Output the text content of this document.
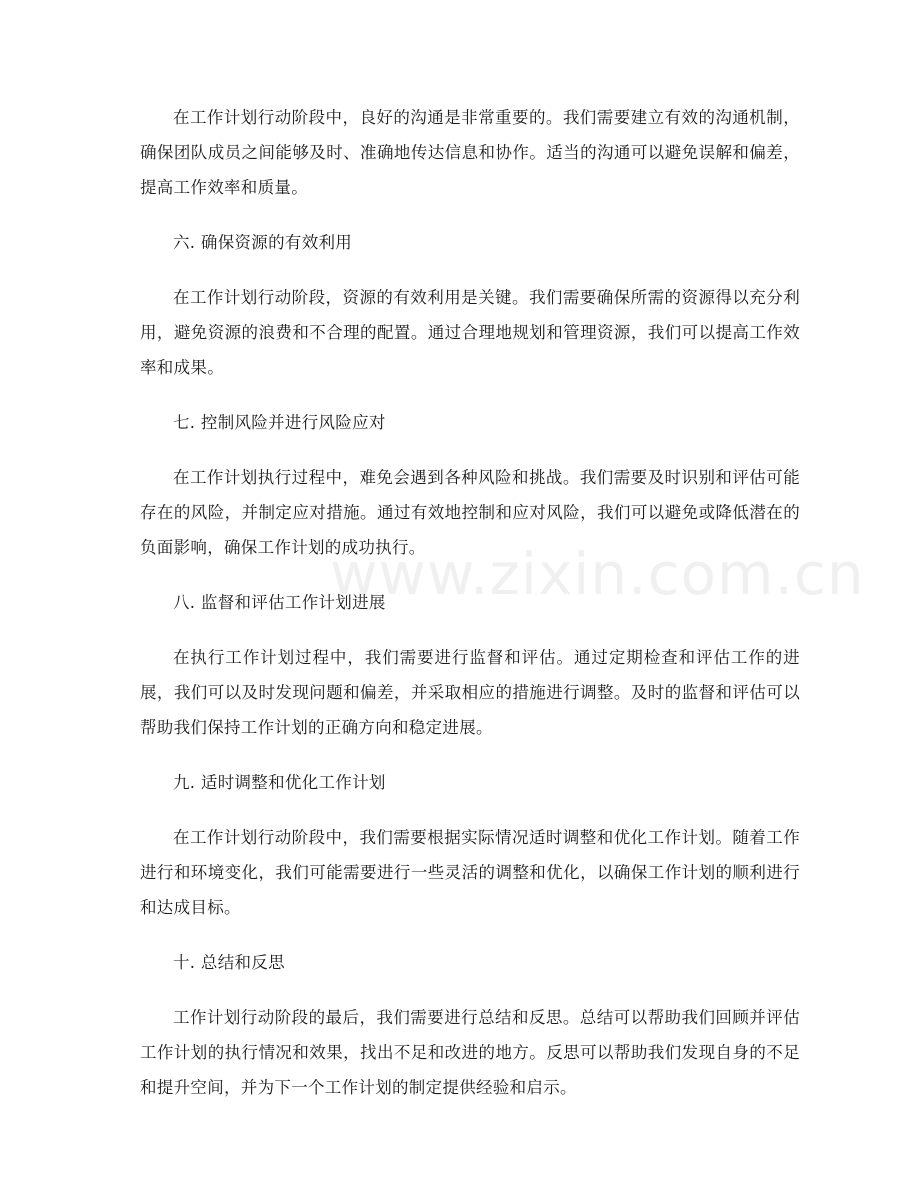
在工作计划行动阶段中，良好的沟通是非常重要的。我们需要建立有效的沟通机制，确保团队成员之间能够及时、准确地传达信息和协作。适当的沟通可以避免误解和偏差，提高工作效率和质量。

六. 确保资源的有效利用

在工作计划行动阶段，资源的有效利用是关键。我们需要确保所需的资源得以充分利用，避免资源的浪费和不合理的配置。通过合理地规划和管理资源，我们可以提高工作效率和成果。

七. 控制风险并进行风险应对

在工作计划执行过程中，难免会遇到各种风险和挑战。我们需要及时识别和评估可能存在的风险，并制定应对措施。通过有效地控制和应对风险，我们可以避免或降低潜在的负面影响，确保工作计划的成功执行。

八. 监督和评估工作计划进展

在执行工作计划过程中，我们需要进行监督和评估。通过定期检查和评估工作的进展，我们可以及时发现问题和偏差，并采取相应的措施进行调整。及时的监督和评估可以帮助我们保持工作计划的正确方向和稳定进展。

九. 适时调整和优化工作计划

在工作计划行动阶段中，我们需要根据实际情况适时调整和优化工作计划。随着工作进行和环境变化，我们可能需要进行一些灵活的调整和优化，以确保工作计划的顺利进行和达成目标。

十. 总结和反思

工作计划行动阶段的最后，我们需要进行总结和反思。总结可以帮助我们回顾并评估工作计划的执行情况和效果，找出不足和改进的地方。反思可以帮助我们发现自身的不足和提升空间，并为下一个工作计划的制定提供经验和启示。

www.zixin.com.cn
